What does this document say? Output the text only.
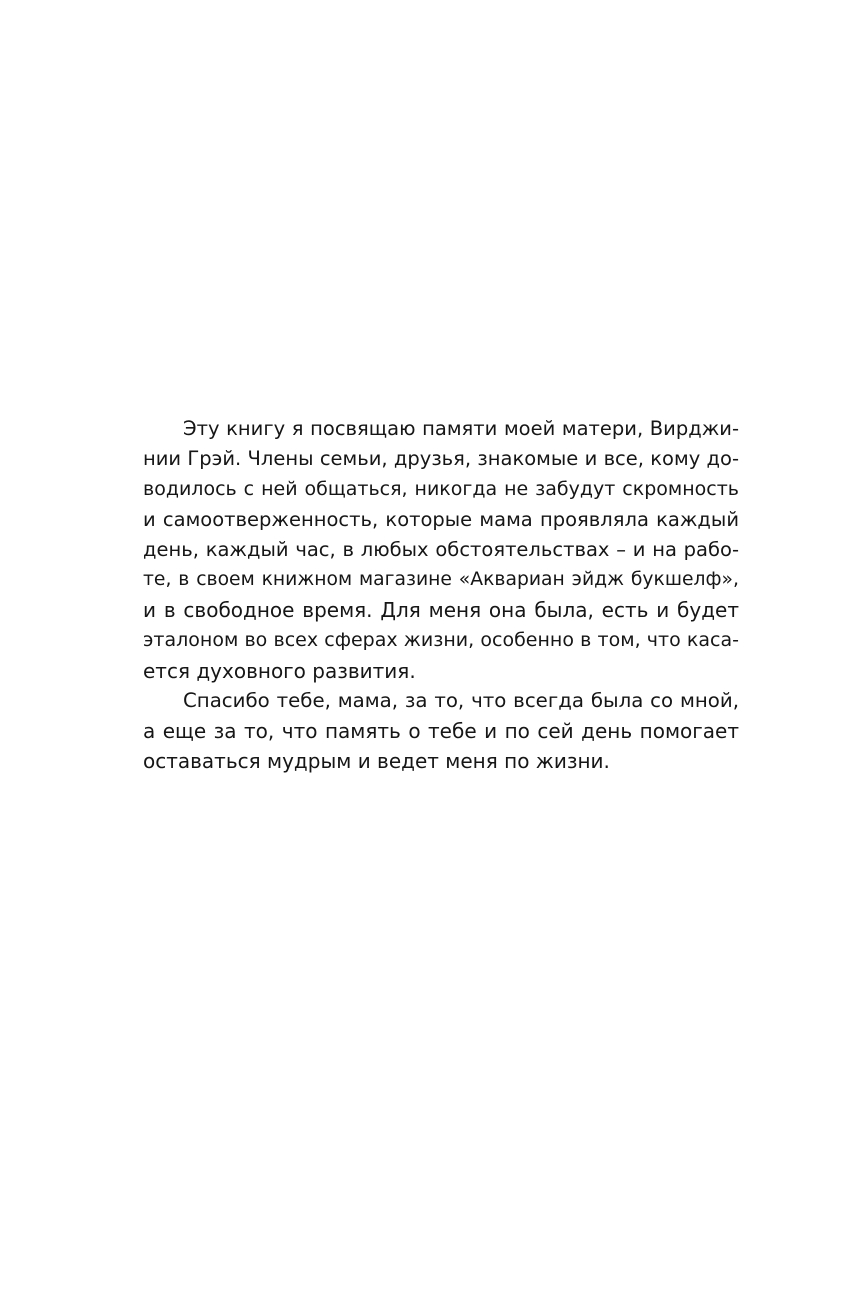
Эту книгу я посвящаю памяти моей матери, Вирджи-
нии Грэй. Члены семьи, друзья, знакомые и все, кому до-
водилось с ней общаться, никогда не забудут скромность
и самоотверженность, которые мама проявляла каждый
день, каждый час, в любых обстоятельствах – и на рабо-
те, в своем книжном магазине «Аквариан эйдж букшелф»,
и в свободное время. Для меня она была, есть и будет
эталоном во всех сферах жизни, особенно в том, что каса-
ется духовного развития.

Спасибо тебе, мама, за то, что всегда была со мной,
а еще за то, что память о тебе и по сей день помогает
оставаться мудрым и ведет меня по жизни.
